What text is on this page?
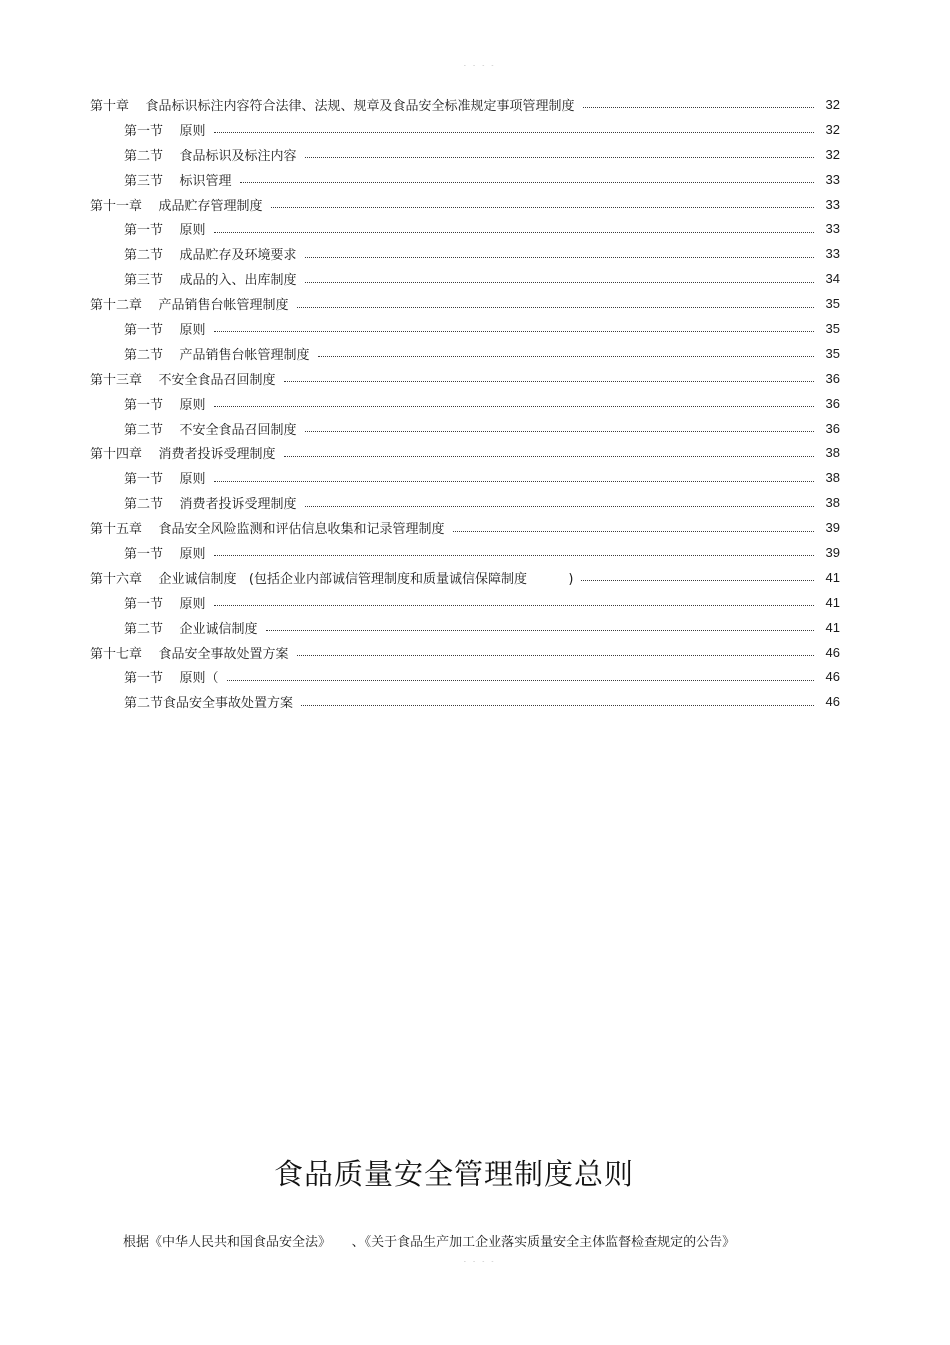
- - - -
第十章    食品标识标注内容符合法律、法规、规章及食品安全标准规定事项管理制度	32
第一节    原则	32
第二节    食品标识及标注内容	32
第三节    标识管理	33
第十一章    成品贮存管理制度	33
第一节    原则	33
第二节    成品贮存及环境要求	33
第三节    成品的入、出库制度	34
第十二章    产品销售台帐管理制度	35
第一节    原则	35
第二节    产品销售台帐管理制度	35
第十三章    不安全食品召回制度	36
第一节    原则	36
第二节    不安全食品召回制度	36
第十四章    消费者投诉受理制度	38
第一节    原则	38
第二节    消费者投诉受理制度	38
第十五章    食品安全风险监测和评估信息收集和记录管理制度	39
第一节    原则	39
第十六章    企业诚信制度   (包括企业内部诚信管理制度和质量诚信保障制度          )	41
第一节    原则	41
第二节    企业诚信制度	41
第十七章    食品安全事故处置方案	46
第一节    原则（	46
第二节食品安全事故处置方案	46
食品质量安全管理制度总则
根据《中华人民共和国食品安全法》     、《关于食品生产加工企业落实质量安全主体监督检查规定的公告》
- - - -
